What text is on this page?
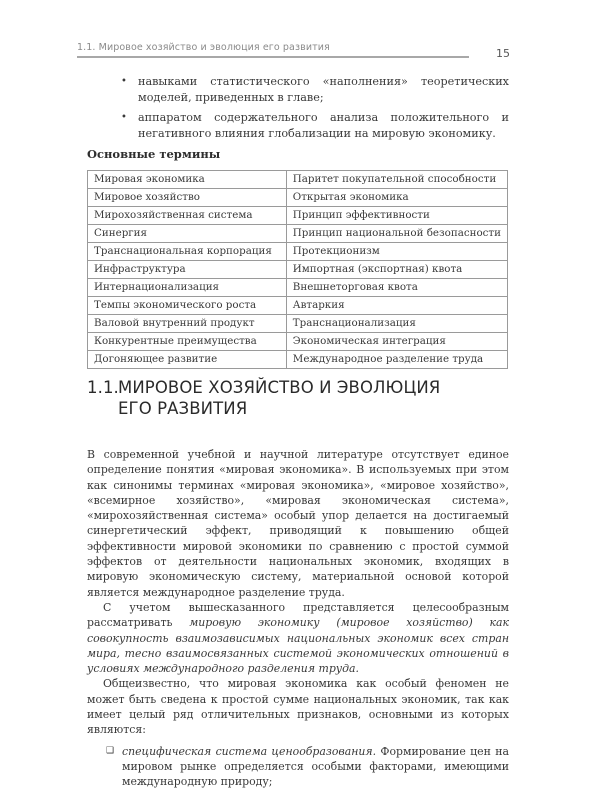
1.1. Мировое хозяйство и эволюция его развития	15
• навыками статистического «наполнения» теоретических моделей, приведенных в главе;
• аппаратом содержательного анализа положительного и негативного влияния глобализации на мировую экономику.
Основные термины
Мировая экономика	Паритет покупательной способности
Мировое хозяйство	Открытая экономика
Мирохозяйственная система	Принцип эффективности
Синергия	Принцип национальной безопасности
Транснациональная корпорация	Протекционизм
Инфраструктура	Импортная (экспортная) квота
Интернационализация	Внешнеторговая квота
Темпы экономического роста	Автаркия
Валовой внутренний продукт	Транснационализация
Конкурентные преимущества	Экономическая интеграция
Догоняющее развитие	Международное разделение труда
1.1.МИРОВОЕ ХОЗЯЙСТВО И ЭВОЛЮЦИЯ
ЕГО РАЗВИТИЯ

В современной учебной и научной литературе отсутствует единое определение понятия «мировая экономика». В используемых при этом как синонимы терминах «мировая экономика», «мировое хозяйство», «всемирное хозяйство», «мировая экономическая система», «мирохозяйственная система» особый упор делается на достигаемый синергетический эффект, приводящий к повышению общей эффективности мировой экономики по сравнению с простой суммой эффектов от деятельности национальных экономик, входящих в мировую экономическую систему, материальной основой которой является международное разделение труда.

С учетом вышесказанного представляется целесообразным рассматривать мировую экономику (мировое хозяйство) как совокупность взаимозависимых национальных экономик всех стран мира, тесно взаимосвязанных системой экономических отношений в условиях международного разделения труда.

Общеизвестно, что мировая экономика как особый феномен не может быть сведена к простой сумме национальных экономик, так как имеет целый ряд отличительных признаков, основными из которых являются:

❑ специфическая система ценообразования. Формирование цен на мировом рынке определяется особыми факторами, имеющими международную природу;
